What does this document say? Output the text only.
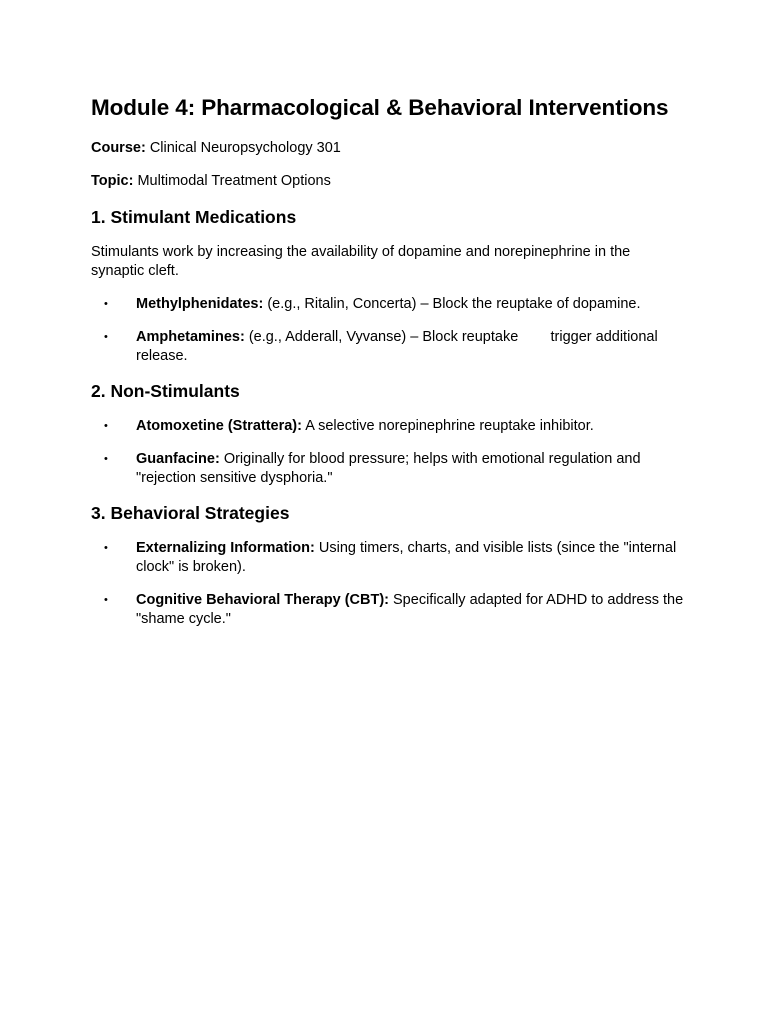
Module 4: Pharmacological & Behavioral Interventions

Course: Clinical Neuropsychology 301

Topic: Multimodal Treatment Options

1. Stimulant Medications

Stimulants work by increasing the availability of dopamine and norepinephrine in the synaptic cleft.

• Methylphenidates: (e.g., Ritalin, Concerta) – Block the reuptake of dopamine.
• Amphetamines: (e.g., Adderall, Vyvanse) – Block reuptake        trigger additional release.
2. Non-Stimulants
• Atomoxetine (Strattera): A selective norepinephrine reuptake inhibitor.
• Guanfacine: Originally for blood pressure; helps with emotional regulation and "rejection sensitive dysphoria."
3. Behavioral Strategies
• Externalizing Information: Using timers, charts, and visible lists (since the "internal clock" is broken).
• Cognitive Behavioral Therapy (CBT): Specifically adapted for ADHD to address the "shame cycle."
